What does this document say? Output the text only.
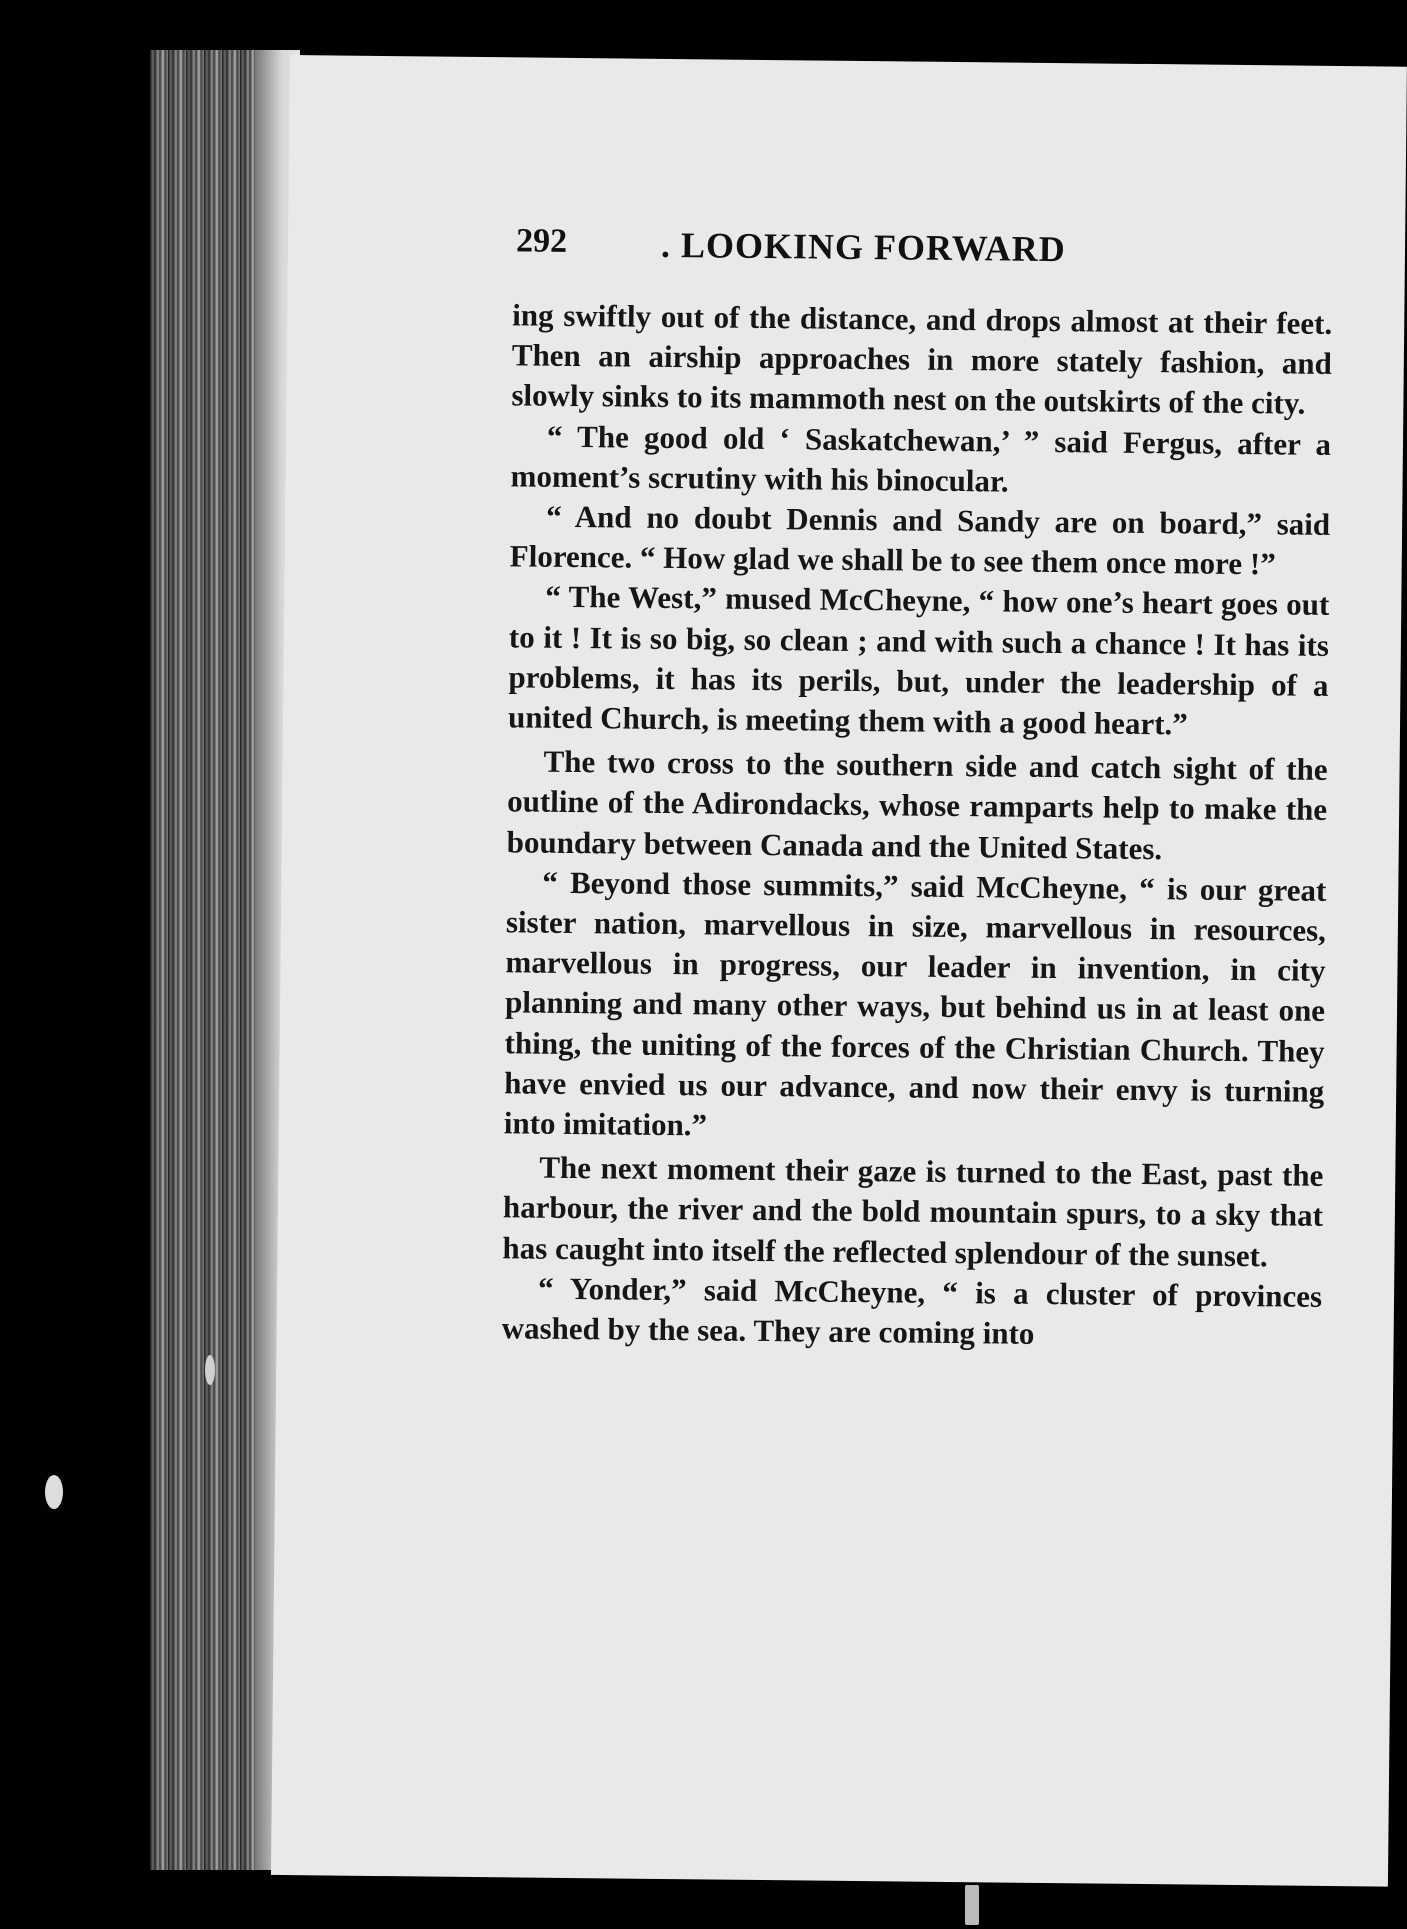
292	. LOOKING FORWARD

ing swiftly out of the distance, and drops almost at their feet. Then an airship approaches in more stately fashion, and slowly sinks to its mammoth nest on the outskirts of the city.

“ The good old ‘ Saskatchewan,’ ” said Fergus, after a moment’s scrutiny with his binocular.

“ And no doubt Dennis and Sandy are on board,” said Florence. “ How glad we shall be to see them once more !”

“ The West,” mused McCheyne, “ how one’s heart goes out to it ! It is so big, so clean ; and with such a chance ! It has its problems, it has its perils, but, under the leadership of a united Church, is meeting them with a good heart.”

The two cross to the southern side and catch sight of the outline of the Adirondacks, whose ramparts help to make the boundary between Canada and the United States.

“ Beyond those summits,” said McCheyne, “ is our great sister nation, marvellous in size, marvellous in resources, marvellous in progress, our leader in invention, in city planning and many other ways, but behind us in at least one thing, the uniting of the forces of the Christian Church. They have envied us our advance, and now their envy is turning into imitation.”

The next moment their gaze is turned to the East, past the harbour, the river and the bold mountain spurs, to a sky that has caught into itself the reflected splendour of the sunset.

“ Yonder,” said McCheyne, “ is a cluster of provinces washed by the sea. They are coming into
